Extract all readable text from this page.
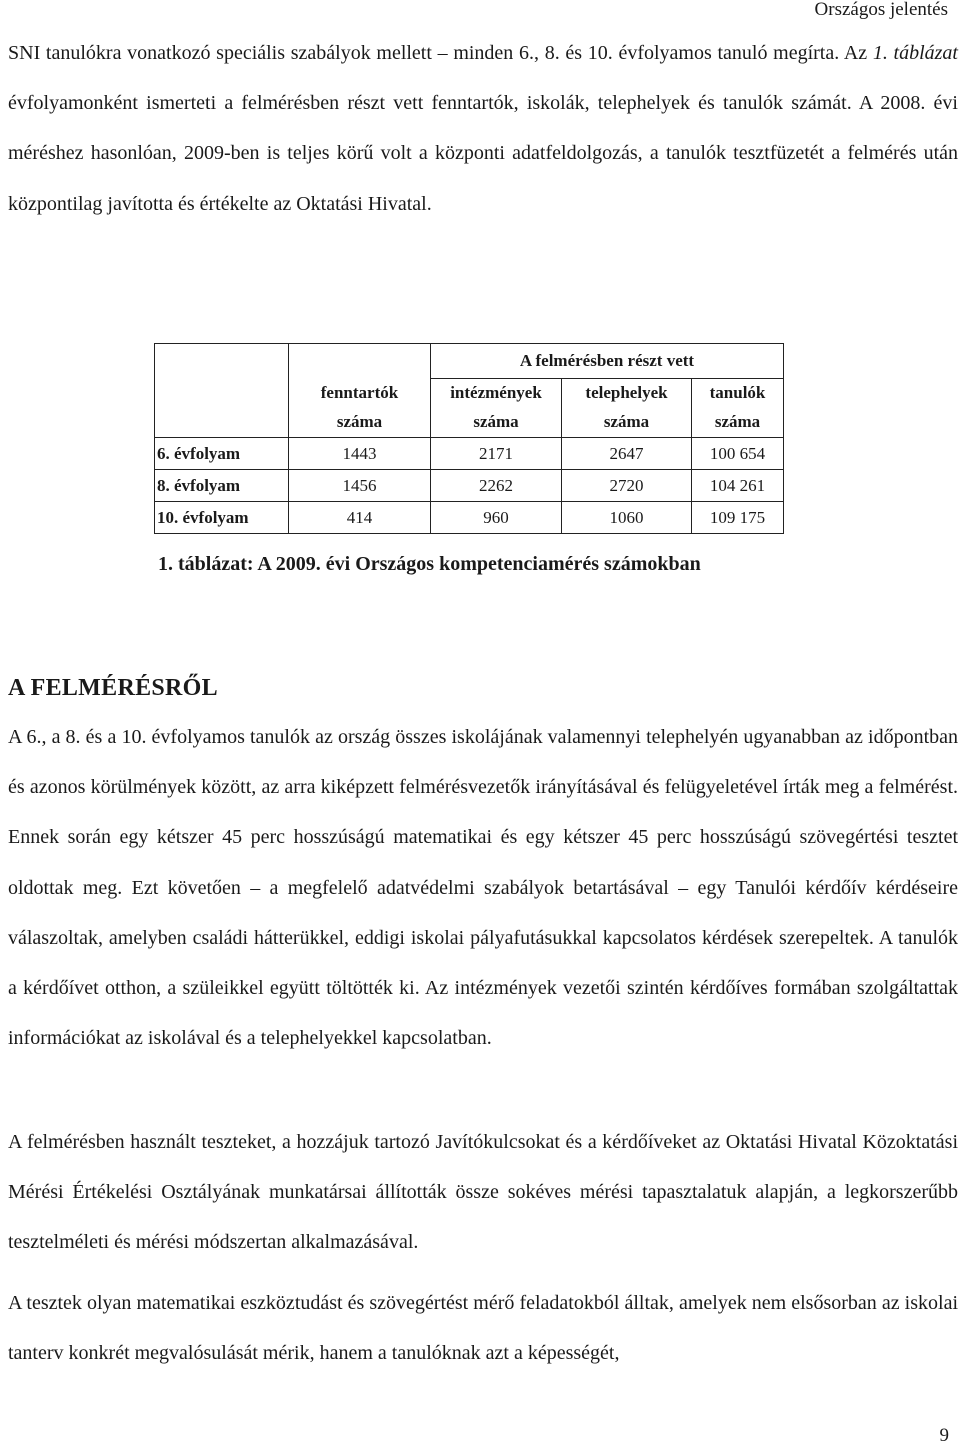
Országos jelentés

SNI tanulókra vonatkozó speciális szabályok mellett – minden 6., 8. és 10. évfolyamos tanuló megírta. Az 1. táblázat évfolyamonként ismerteti a felmérésben részt vett fenntartók, iskolák, telephelyek és tanulók számát. A 2008. évi méréshez hasonlóan, 2009-ben is teljes körű volt a központi adatfeldolgozás, a tanulók tesztfüzetét a felmérés után központilag javította és értékelte az Oktatási Hivatal.

		A felmérésben részt vett		
	fenntartók	intézmények	telephelyek	tanulók
	száma	száma	száma	száma
6. évfolyam	1443	2171	2647	100 654
8. évfolyam	1456	2262	2720	104 261
10. évfolyam	414	960	1060	109 175
1. táblázat: A 2009. évi Országos kompetenciamérés számokban
A FELMÉRÉSRŐL

A 6., a 8. és a 10. évfolyamos tanulók az ország összes iskolájának valamennyi telephelyén ugyanabban az időpontban és azonos körülmények között, az arra kiképzett felmérésvezetők irányításával és felügyeletével írták meg a felmérést. Ennek során egy kétszer 45 perc hosszúságú matematikai és egy kétszer 45 perc hosszúságú szövegértési tesztet oldottak meg. Ezt követően – a megfelelő adatvédelmi szabályok betartásával – egy Tanulói kérdőív kérdéseire válaszoltak, amelyben családi hátterükkel, eddigi iskolai pályafutásukkal kapcsolatos kérdések szerepeltek. A tanulók a kérdőívet otthon, a szüleikkel együtt töltötték ki. Az intézmények vezetői szintén kérdőíves formában szolgáltattak információkat az iskolával és a telephelyekkel kapcsolatban.

A felmérésben használt teszteket, a hozzájuk tartozó Javítókulcsokat és a kérdőíveket az Oktatási Hivatal Közoktatási Mérési Értékelési Osztályának munkatársai állították össze sokéves mérési tapasztalatuk alapján, a legkorszerűbb tesztelméleti és mérési módszertan alkalmazásával.

A tesztek olyan matematikai eszköztudást és szövegértést mérő feladatokból álltak, amelyek nem elsősorban az iskolai tanterv konkrét megvalósulását mérik, hanem a tanulóknak azt a képességét,

9
